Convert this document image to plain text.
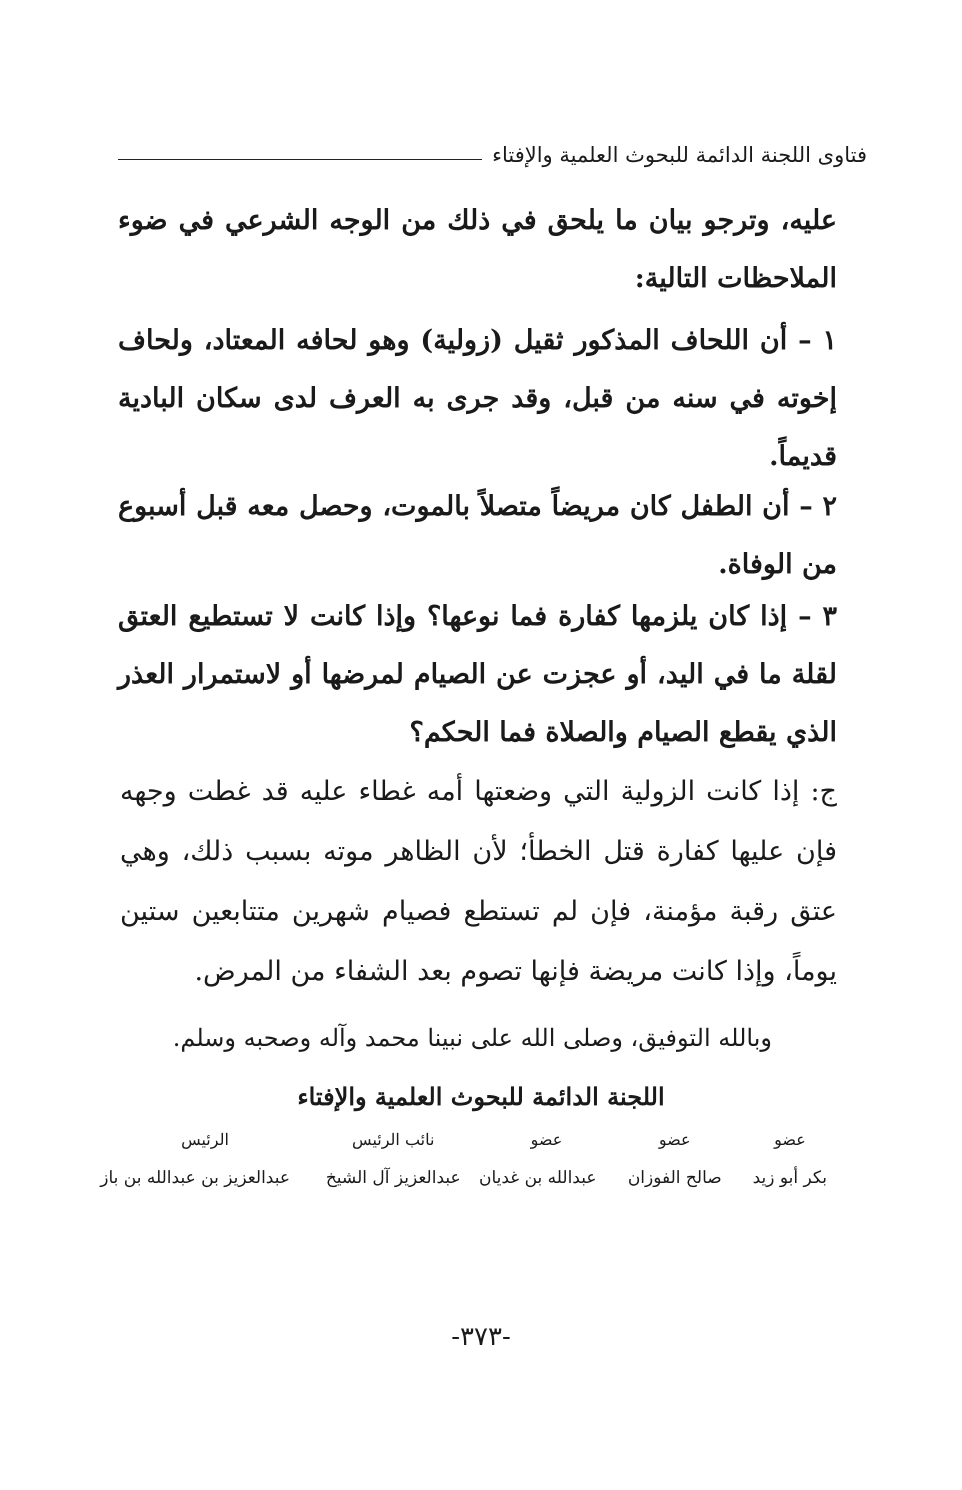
فتاوى اللجنة الدائمة للبحوث العلمية والإفتاء

عليه، وترجو بيان ما يلحق في ذلك من الوجه الشرعي في ضوء الملاحظات التالية:

١ – أن اللحاف المذكور ثقيل (زولية) وهو لحافه المعتاد، ولحاف إخوته في سنه من قبل، وقد جرى به العرف لدى سكان البادية قديماً.

٢ – أن الطفل كان مريضاً متصلاً بالموت، وحصل معه قبل أسبوع من الوفاة.

٣ – إذا كان يلزمها كفارة فما نوعها؟ وإذا كانت لا تستطيع العتق لقلة ما في اليد، أو عجزت عن الصيام لمرضها أو لاستمرار العذر الذي يقطع الصيام والصلاة فما الحكم؟

ج: إذا كانت الزولية التي وضعتها أمه غطاء عليه قد غطت وجهه فإن عليها كفارة قتل الخطأ؛ لأن الظاهر موته بسبب ذلك، وهي عتق رقبة مؤمنة، فإن لم تستطع فصيام شهرين متتابعين ستين يوماً، وإذا كانت مريضة فإنها تصوم بعد الشفاء من المرض.

وبالله التوفيق، وصلى الله على نبينا محمد وآله وصحبه وسلم.
اللجنة الدائمة للبحوث العلمية والإفتاء
عضو
عضو
عضو
نائب الرئيس
الرئيس
بكر أبو زيد
صالح الفوزان
عبدالله بن غديان
عبدالعزيز آل الشيخ
عبدالعزيز بن عبدالله بن باز
-٣٧٣-
